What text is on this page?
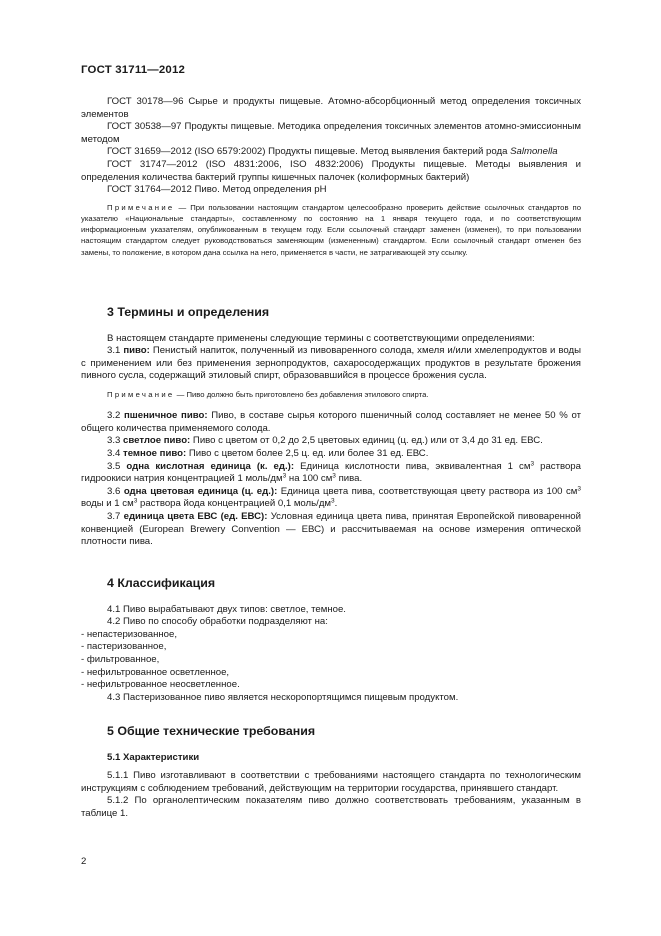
ГОСТ 31711—2012

ГОСТ 30178—96 Сырье и продукты пищевые. Атомно-абсорбционный метод определения токсичных элементов

ГОСТ 30538—97 Продукты пищевые. Методика определения токсичных элементов атомно-эмиссионным методом

ГОСТ 31659—2012 (ISO 6579:2002) Продукты пищевые. Метод выявления бактерий рода Salmonella

ГОСТ 31747—2012 (ISO 4831:2006, ISO 4832:2006) Продукты пищевые. Методы выявления и определения количества бактерий группы кишечных палочек (колиформных бактерий)

ГОСТ 31764—2012 Пиво. Метод определения рН

Примечание — При пользовании настоящим стандартом целесообразно проверить действие ссылочных стандартов по указателю «Национальные стандарты», составленному по состоянию на 1 января текущего года, и по соответствующим информационным указателям, опубликованным в текущем году. Если ссылочный стандарт заменен (изменен), то при пользовании настоящим стандартом следует руководствоваться заменяющим (измененным) стандартом. Если ссылочный стандарт отменен без замены, то положение, в котором дана ссылка на него, применяется в части, не затрагивающей эту ссылку.

3 Термины и определения

В настоящем стандарте применены следующие термины с соответствующими определениями:

3.1 пиво: Пенистый напиток, полученный из пивоваренного солода, хмеля и/или хмелепродуктов и воды с применением или без применения зернопродуктов, сахаросодержащих продуктов в результате брожения пивного сусла, содержащий этиловый спирт, образовавшийся в процессе брожения сусла.

Примечание — Пиво должно быть приготовлено без добавления этилового спирта.

3.2 пшеничное пиво: Пиво, в составе сырья которого пшеничный солод составляет не менее 50 % от общего количества применяемого солода.

3.3 светлое пиво: Пиво с цветом от 0,2 до 2,5 цветовых единиц (ц. ед.) или от 3,4 до 31 ед. ЕВС.

3.4 темное пиво: Пиво с цветом более 2,5 ц. ед. или более 31 ед. ЕВС.

3.5 одна кислотная единица (к. ед.): Единица кислотности пива, эквивалентная 1 $см^3$ раствора гидроокиси натрия концентрацией 1 моль/$дм^3$ на 100 $см^3$ пива.

3.6 одна цветовая единица (ц. ед.): Единица цвета пива, соответствующая цвету раствора из 100 $см^3$ воды и 1 $см^3$ раствора йода концентрацией 0,1 моль/$дм^3$.

3.7 единица цвета ЕВС (ед. ЕВС): Условная единица цвета пива, принятая Европейской пивоваренной конвенцией (European Brewery Convention — ЕВС) и рассчитываемая на основе измерения оптической плотности пива.

4 Классификация

4.1 Пиво вырабатывают двух типов: светлое, темное.

4.2 Пиво по способу обработки подразделяют на:

- непастеризованное,

- пастеризованное,

- фильтрованное,

- нефильтрованное осветленное,

- нефильтрованное неосветленное.

4.3 Пастеризованное пиво является нескоропортящимся пищевым продуктом.

5 Общие технические требования

5.1 Характеристики

5.1.1 Пиво изготавливают в соответствии с требованиями настоящего стандарта по технологическим инструкциям с соблюдением требований, действующим на территории государства, принявшего стандарт.

5.1.2 По органолептическим показателям пиво должно соответствовать требованиям, указанным в таблице 1.

2
